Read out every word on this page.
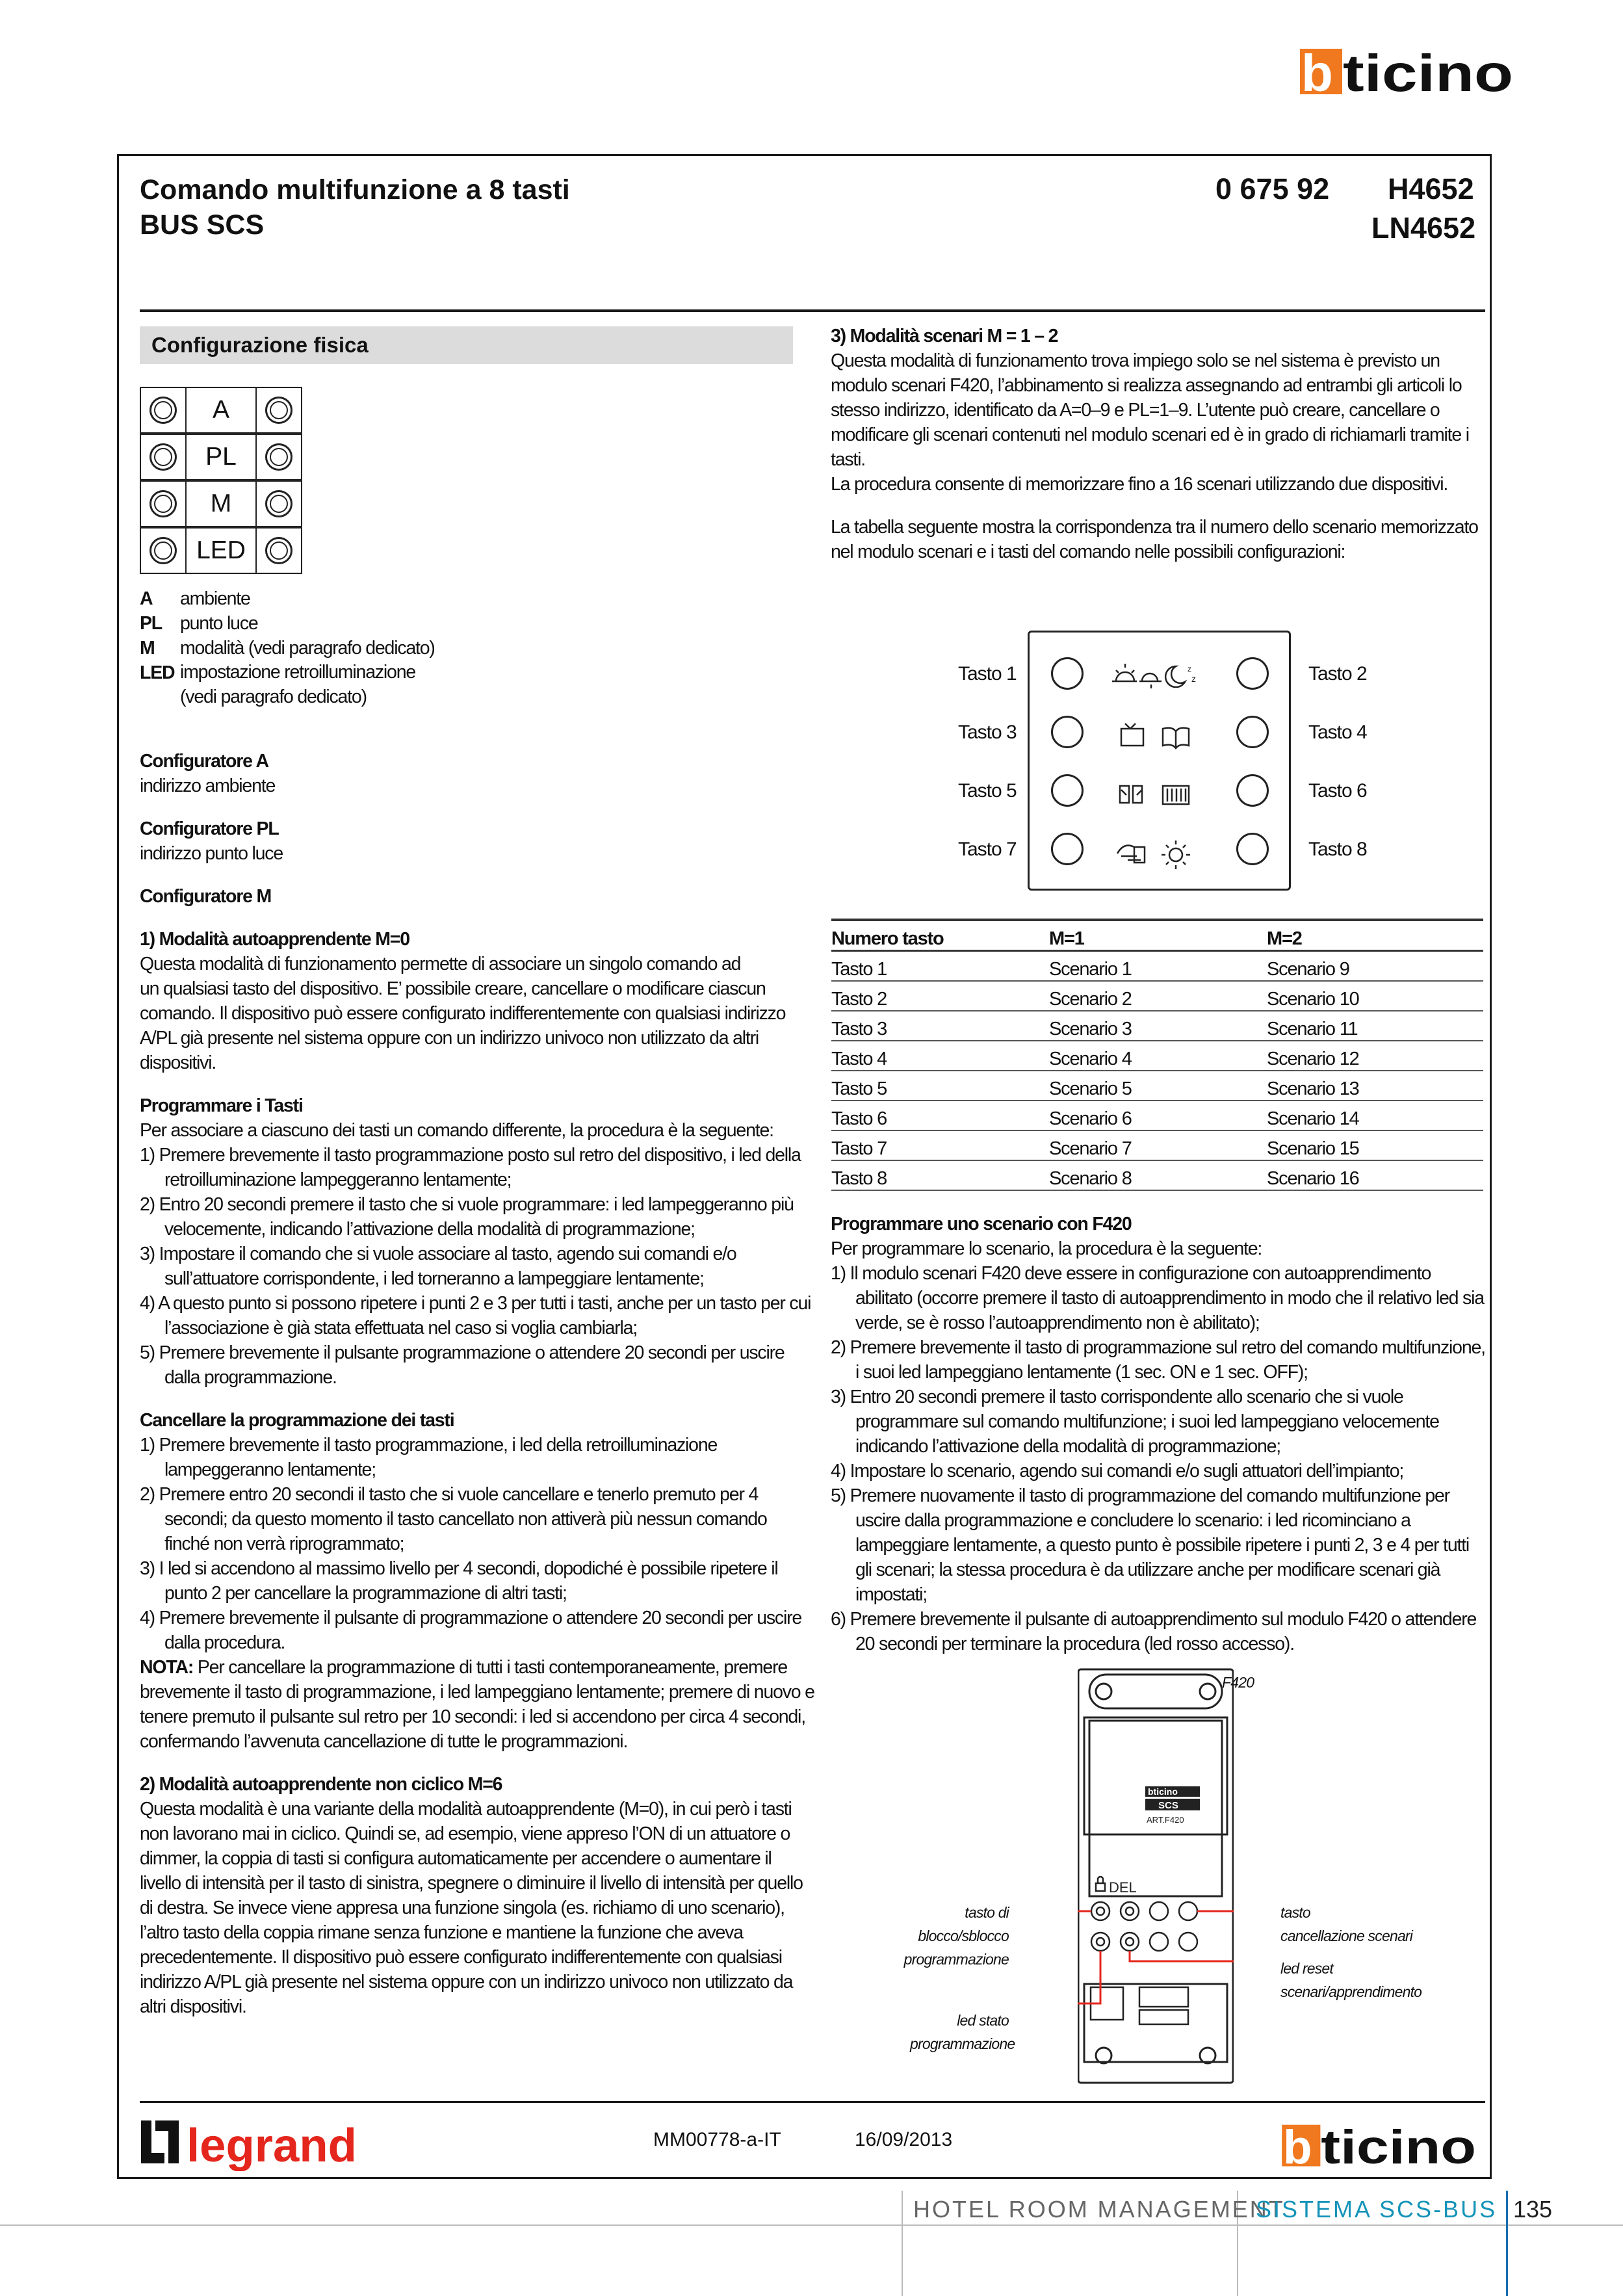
b ticino
Comando multifunzione a 8 tasti
BUS SCS
0 675 92 H4652
LN4652
Configurazione fisica
A
PL
M
LED
A	ambiente
PL	punto luce
M	modalità (vedi paragrafo dedicato)
LED	impostazione retroilluminazione
	(vedi paragrafo dedicato)

Configuratore A

indirizzo ambiente

Configuratore PL

indirizzo punto luce

Configuratore M

1) Modalità autoapprendente M=0

Questa modalità di funzionamento permette di associare un singolo comando ad

un qualsiasi tasto del dispositivo. E’ possibile creare, cancellare o modificare ciascun

comando. Il dispositivo può essere configurato indifferentemente con qualsiasi indirizzo

A/PL già presente nel sistema oppure con un indirizzo univoco non utilizzato da altri

dispositivi.

Programmare i Tasti

Per associare a ciascuno dei tasti un comando differente, la procedura è la seguente:

1) Premere brevemente il tasto programmazione posto sul retro del dispositivo, i led della retroilluminazione lampeggeranno lentamente;

2) Entro 20 secondi premere il tasto che si vuole programmare: i led lampeggeranno più velocemente, indicando l’attivazione della modalità di programmazione;

3) Impostare il comando che si vuole associare al tasto, agendo sui comandi e/o sull’attuatore corrispondente, i led torneranno a lampeggiare lentamente;

4) A questo punto si possono ripetere i punti 2 e 3 per tutti i tasti, anche per un tasto per cui l’associazione è già stata effettuata nel caso si voglia cambiarla;

5) Premere brevemente il pulsante programmazione o attendere 20 secondi per uscire dalla programmazione.

Cancellare la programmazione dei tasti

1) Premere brevemente il tasto programmazione, i led della retroilluminazione lampeggeranno lentamente;

2) Premere entro 20 secondi il tasto che si vuole cancellare e tenerlo premuto per 4 secondi; da questo momento il tasto cancellato non attiverà più nessun comando finché non verrà riprogrammato;

3) I led si accendono al massimo livello per 4 secondi, dopodiché è possibile ripetere il punto 2 per cancellare la programmazione di altri tasti;

4) Premere brevemente il pulsante di programmazione o attendere 20 secondi per uscire dalla procedura.

NOTA: Per cancellare la programmazione di tutti i tasti contemporaneamente, premere brevemente il tasto di programmazione, i led lampeggiano lentamente; premere di nuovo e tenere premuto il pulsante sul retro per 10 secondi: i led si accendono per circa 4 secondi, confermando l’avvenuta cancellazione di tutte le programmazioni.

2) Modalità autoapprendente non ciclico M=6

Questa modalità è una variante della modalità autoapprendente (M=0), in cui però i tasti non lavorano mai in ciclico. Quindi se, ad esempio, viene appreso l’ON di un attuatore o dimmer, la coppia di tasti si configura automaticamente per accendere o aumentare il livello di intensità per il tasto di sinistra, spegnere o diminuire il livello di intensità per quello di destra. Se invece viene appresa una funzione singola (es. richiamo di uno scenario), l’altro tasto della coppia rimane senza funzione e mantiene la funzione che aveva precedentemente. Il dispositivo può essere configurato indifferentemente con qualsiasi indirizzo A/PL già presente nel sistema oppure con un indirizzo univoco non utilizzato da altri dispositivi.

3) Modalità scenari M = 1 – 2

Questa modalità di funzionamento trova impiego solo se nel sistema è previsto un modulo scenari F420, l’abbinamento si realizza assegnando ad entrambi gli articoli lo stesso indirizzo, identificato da A=0–9 e PL=1–9. L’utente può creare, cancellare o modificare gli scenari contenuti nel modulo scenari ed è in grado di richiamarli tramite i tasti.

La procedura consente di memorizzare fino a 16 scenari utilizzando due dispositivi.

La tabella seguente mostra la corrispondenza tra il numero dello scenario memorizzato nel modulo scenari e i tasti del comando nelle possibili configurazioni:

Tasto 1	Tasto 2
Tasto 3	Tasto 4
Tasto 5	Tasto 6
Tasto 7	Tasto 8
z
z
Numero tasto	M=1	M=2
Tasto 1	Scenario 1	Scenario 9
Tasto 2	Scenario 2	Scenario 10
Tasto 3	Scenario 3	Scenario 11
Tasto 4	Scenario 4	Scenario 12
Tasto 5	Scenario 5	Scenario 13
Tasto 6	Scenario 6	Scenario 14
Tasto 7	Scenario 7	Scenario 15
Tasto 8	Scenario 8	Scenario 16

Programmare uno scenario con F420

Per programmare lo scenario, la procedura è la seguente:

1) Il modulo scenari F420 deve essere in configurazione con autoapprendimento abilitato (occorre premere il tasto di autoapprendimento in modo che il relativo led sia verde, se è rosso l’autoapprendimento non è abilitato);

2) Premere brevemente il tasto di programmazione sul retro del comando multifunzione, i suoi led lampeggiano lentamente (1 sec. ON e 1 sec. OFF);

3) Entro 20 secondi premere il tasto corrispondente allo scenario che si vuole programmare sul comando multifunzione; i suoi led lampeggiano velocemente indicando l’attivazione della modalità di programmazione;

4) Impostare lo scenario, agendo sui comandi e/o sugli attuatori dell’impianto;

5) Premere nuovamente il tasto di programmazione del comando multifunzione per uscire dalla programmazione e concludere lo scenario: i led ricominciano a lampeggiare lentamente, a questo punto è possibile ripetere i punti 2, 3 e 4 per tutti gli scenari; la stessa procedura è da utilizzare anche per modificare scenari già impostati;

6) Premere brevemente il pulsante di autoapprendimento sul modulo F420 o attendere 20 secondi per terminare la procedura (led rosso accesso).

F420
bticino
SCS
ART.F420
DEL
tasto di blocco/sblocco
programmazione
tasto
cancellazione scenari
led reset
scenari/apprendimento
led stato
programmazione
legrand	MM00778-a-IT	16/09/2013	b ticino
HOTEL ROOM MANAGEMENT
SISTEMA SCS-BUS 135
